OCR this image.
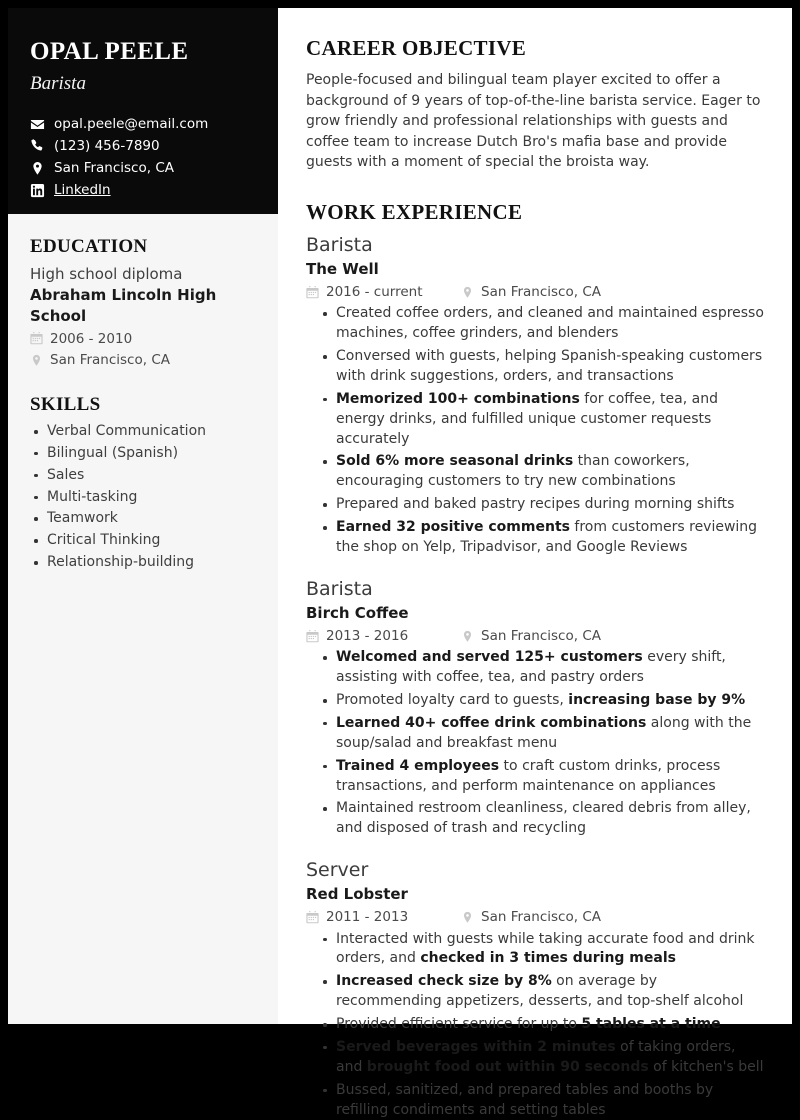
OPAL PEELE
Barista
opal.peele@email.com
(123) 456-7890
San Francisco, CA
LinkedIn
EDUCATION
High school diploma
Abraham Lincoln High School
2006 - 2010
San Francisco, CA
SKILLS
Verbal Communication
Bilingual (Spanish)
Sales
Multi-tasking
Teamwork
Critical Thinking
Relationship-building
CAREER OBJECTIVE

People-focused and bilingual team player excited to offer a background of 9 years of top-of-the-line barista service. Eager to grow friendly and professional relationships with guests and coffee team to increase Dutch Bro's mafia base and provide guests with a moment of special the broista way.

WORK EXPERIENCE
Barista
The Well
2016 - current	San Francisco, CA
Created coffee orders, and cleaned and maintained espresso machines, coffee grinders, and blenders
Conversed with guests, helping Spanish-speaking customers with drink suggestions, orders, and transactions
Memorized 100+ combinations for coffee, tea, and energy drinks, and fulfilled unique customer requests accurately
Sold 6% more seasonal drinks than coworkers, encouraging customers to try new combinations
Prepared and baked pastry recipes during morning shifts
Earned 32 positive comments from customers reviewing the shop on Yelp, Tripadvisor, and Google Reviews
Barista
Birch Coffee
2013 - 2016	San Francisco, CA
Welcomed and served 125+ customers every shift, assisting with coffee, tea, and pastry orders
Promoted loyalty card to guests, increasing base by 9%
Learned 40+ coffee drink combinations along with the soup/salad and breakfast menu
Trained 4 employees to craft custom drinks, process transactions, and perform maintenance on appliances
Maintained restroom cleanliness, cleared debris from alley, and disposed of trash and recycling
Server
Red Lobster
2011 - 2013	San Francisco, CA
Interacted with guests while taking accurate food and drink orders, and checked in 3 times during meals
Increased check size by 8% on average by recommending appetizers, desserts, and top-shelf alcohol
Provided efficient service for up to 5 tables at a time
Served beverages within 2 minutes of taking orders, and brought food out within 90 seconds of kitchen's bell
Bussed, sanitized, and prepared tables and booths by refilling condiments and setting tables
